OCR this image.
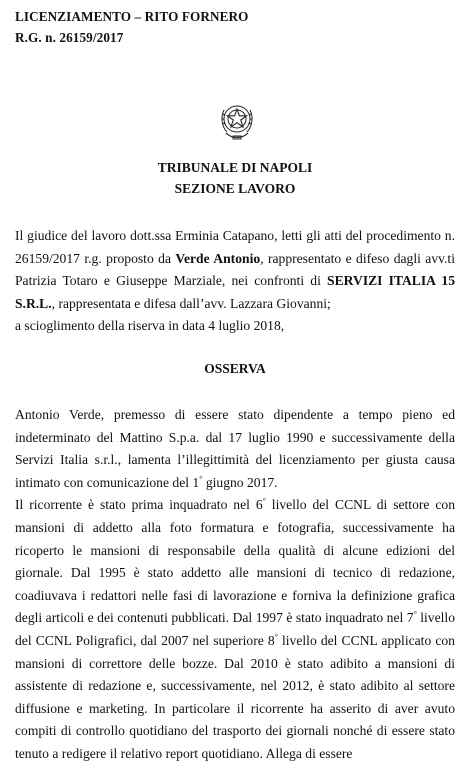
LICENZIAMENTO – RITO FORNERO
R.G. n. 26159/2017
TRIBUNALE DI NAPOLI
SEZIONE LAVORO

Il giudice del lavoro dott.ssa Erminia Catapano, letti gli atti del procedimento n. 26159/2017 r.g. proposto da Verde Antonio, rappresentato e difeso dagli avv.ti Patrizia Totaro e Giuseppe Marziale, nei confronti di SERVIZI ITALIA 15 S.R.L., rappresentata e difesa dall’avv. Lazzara Giovanni;

a scioglimento della riserva in data 4 luglio 2018,

OSSERVA

Antonio Verde, premesso di essere stato dipendente a tempo pieno ed indeterminato del Mattino S.p.a. dal 17 luglio 1990 e successivamente della Servizi Italia s.r.l., lamenta l’illegittimità del licenziamento per giusta causa intimato con comunicazione del 1° giugno 2017.

Il ricorrente è stato prima inquadrato nel 6° livello del CCNL di settore con mansioni di addetto alla foto formatura e fotografia, successivamente ha ricoperto le mansioni di responsabile della qualità di alcune edizioni del giornale. Dal 1995 è stato addetto alle mansioni di tecnico di redazione, coadiuvava i redattori nelle fasi di lavorazione e forniva la definizione grafica degli articoli e dei contenuti pubblicati. Dal 1997 è stato inquadrato nel 7° livello del CCNL Poligrafici, dal 2007 nel superiore 8° livello del CCNL applicato con mansioni di correttore delle bozze. Dal 2010 è stato adibito a mansioni di assistente di redazione e, successivamente, nel 2012, è stato adibito al settore diffusione e marketing. In particolare il ricorrente ha asserito di aver avuto compiti di controllo quotidiano del trasporto dei giornali nonché di essere stato tenuto a redigere il relativo report quotidiano. Allega di essere
